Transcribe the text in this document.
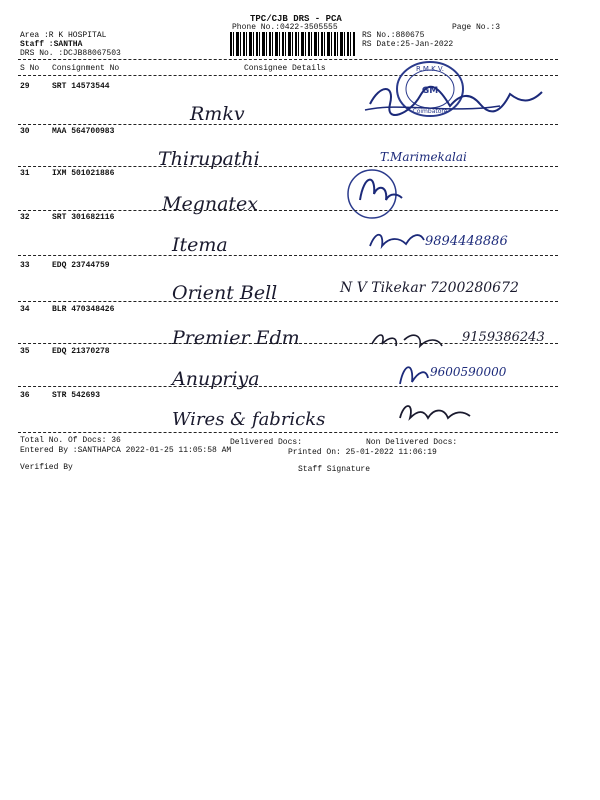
TPC/CJB DRS - PCA
Phone No.:0422-3505555	Page No.:3
Area :R K HOSPITAL
Staff :SANTHA
DRS No. :DCJB88067503
RS No.:880675
RS Date:25-Jan-2022
S No Consignment No	Consignee Details	R.M.K.V.
GM
Coimbatore
29	SRT 14573544
Rmkv
30	MAA 564700983
Thirupathi	T.Marimekalai
31	IXM 501021886
Megnatex
32	SRT 301682116
Itema	9894448886
33	EDQ 23744759
Orient Bell	N V Tikekar 7200280672
34	BLR 470348426
Premier Edm	9159386243
35	EDQ 21370278
Anupriya	9600590000
36	STR 542693
Wires & fabricks
Total No. Of Docs: 36	Delivered Docs:	Non Delivered Docs:
Entered By :SANTHAPCA 2022-01-25 11:05:58 AM	Printed On: 25-01-2022 11:06:19
Verified By	Staff Signature
